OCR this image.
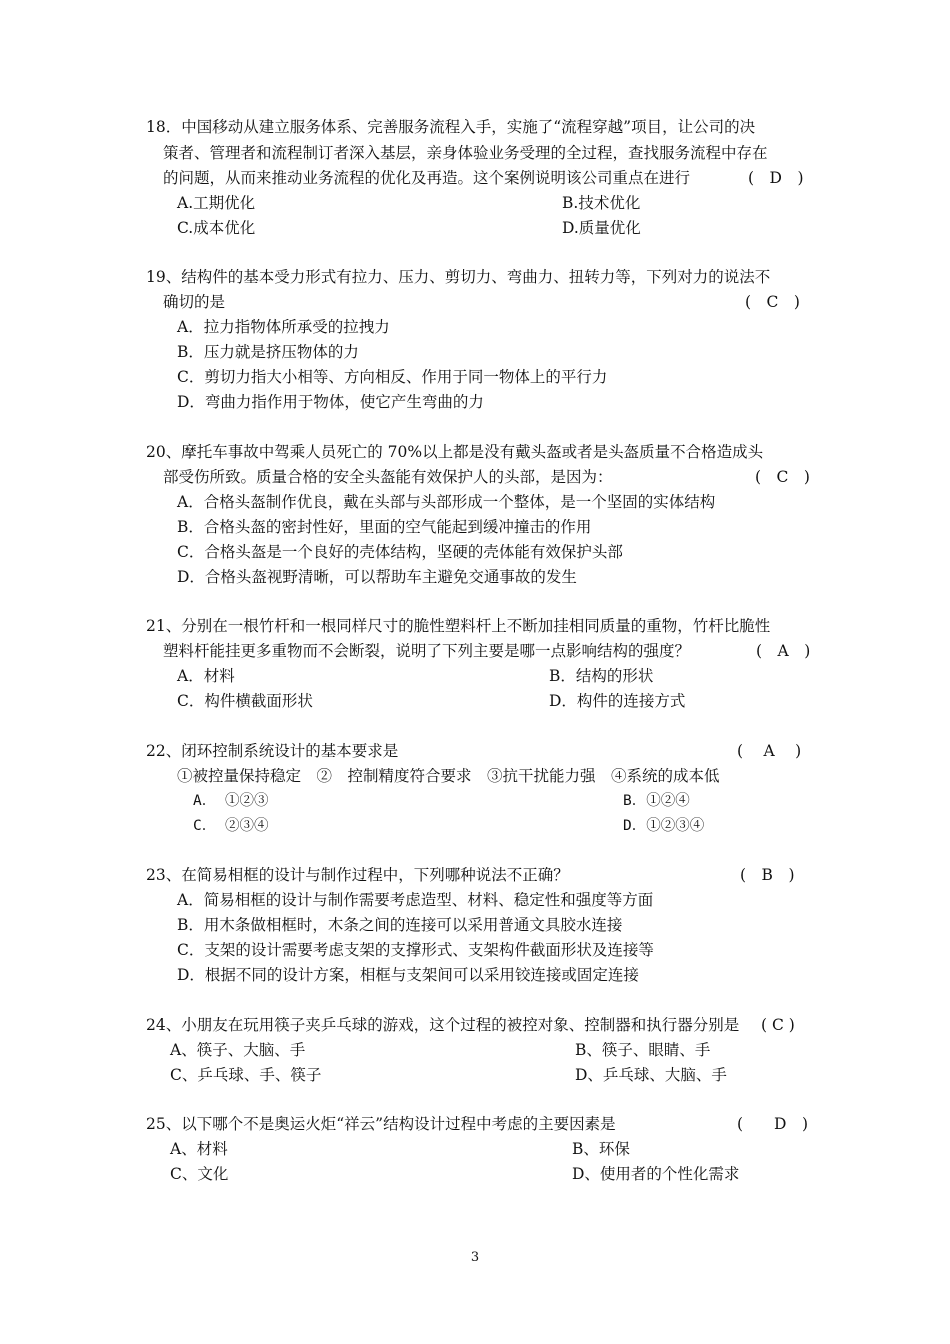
18．中国移动从建立服务体系、完善服务流程入手，实施了“流程穿越”项目，让公司的决
策者、管理者和流程制订者深入基层，亲身体验业务受理的全过程，查找服务流程中存在
的问题，从而来推动业务流程的优化及再造。这个案例说明该公司重点在进行	(　D　)
A.工期优化	B.技术优化
C.成本优化	D.质量优化
19、结构件的基本受力形式有拉力、压力、剪切力、弯曲力、扭转力等，下列对力的说法不
确切的是	(　C　)
A．拉力指物体所承受的拉拽力
B．压力就是挤压物体的力
C．剪切力指大小相等、方向相反、作用于同一物体上的平行力
D．弯曲力指作用于物体，使它产生弯曲的力
20、摩托车事故中驾乘人员死亡的 70%以上都是没有戴头盔或者是头盔质量不合格造成头
部受伤所致。质量合格的安全头盔能有效保护人的头部，是因为：	(　C　)
A．合格头盔制作优良，戴在头部与头部形成一个整体，是一个坚固的实体结构
B．合格头盔的密封性好，里面的空气能起到缓冲撞击的作用
C．合格头盔是一个良好的壳体结构，坚硬的壳体能有效保护头部
D．合格头盔视野清晰，可以帮助车主避免交通事故的发生
21、分别在一根竹杆和一根同样尺寸的脆性塑料杆上不断加挂相同质量的重物，竹杆比脆性
塑料杆能挂更多重物而不会断裂，说明了下列主要是哪一点影响结构的强度？	(　A　)
A．材料	B．结构的形状
C．构件横截面形状	D．构件的连接方式
22、闭环控制系统设计的基本要求是	(　 A　 )
①被控量保持稳定　②　控制精度符合要求　③抗干扰能力强　④系统的成本低
A． ①②③	B．①②④
C． ②③④	D．①②③④
23、在简易相框的设计与制作过程中，下列哪种说法不正确？	(　B　)
A．简易相框的设计与制作需要考虑造型、材料、稳定性和强度等方面
B．用木条做相框时，木条之间的连接可以采用普通文具胶水连接
C．支架的设计需要考虑支架的支撑形式、支架构件截面形状及连接等
D．根据不同的设计方案，相框与支架间可以采用铰连接或固定连接
24、小朋友在玩用筷子夹乒乓球的游戏，这个过程的被控对象、控制器和执行器分别是 ( C )
A、筷子、大脑、手	B、筷子、眼睛、手
C、乒乓球、手、筷子	D、乒乓球、大脑、手
25、以下哪个不是奥运火炬“祥云”结构设计过程中考虑的主要因素是	(　　D　)
A、材料	B、环保
C、文化	D、使用者的个性化需求
3
